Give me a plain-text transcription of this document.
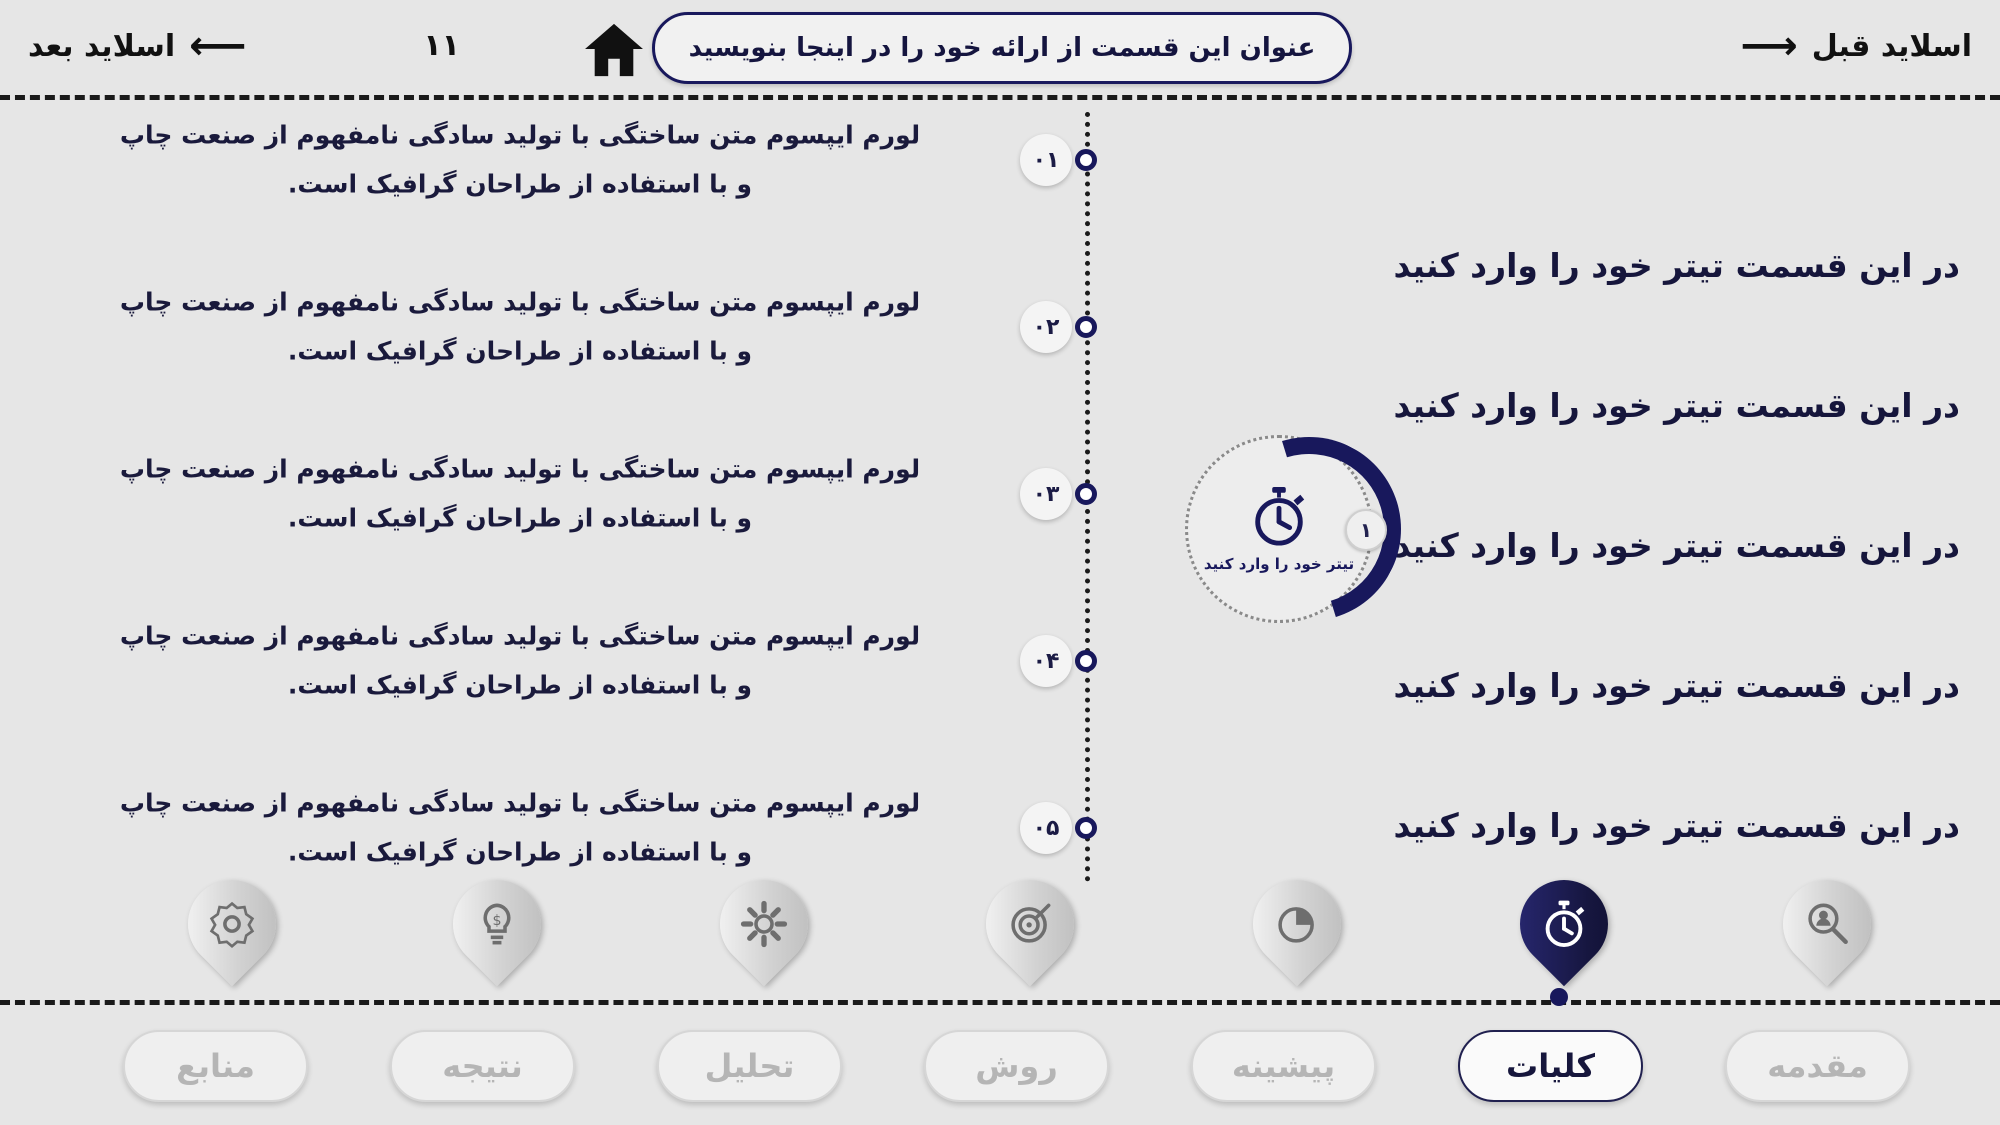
اسلاید قبل
⟶
۱۱	عنوان این قسمت از ارائه خود را در اینجا بنویسید
⟵
اسلاید بعد
در این قسمت تیتر خود را وارد کنید
در این قسمت تیتر خود را وارد کنید
در این قسمت تیتر خود را وارد کنید
در این قسمت تیتر خود را وارد کنید
در این قسمت تیتر خود را وارد کنید
تیتر خود را وارد کنید
۱
۰۱
لورم ایپسوم متن ساختگی با تولید سادگی نامفهوم از صنعت چاپ و با استفاده از طراحان گرافیک است.
۰۲
لورم ایپسوم متن ساختگی با تولید سادگی نامفهوم از صنعت چاپ و با استفاده از طراحان گرافیک است.
۰۳
لورم ایپسوم متن ساختگی با تولید سادگی نامفهوم از صنعت چاپ و با استفاده از طراحان گرافیک است.
۰۴
لورم ایپسوم متن ساختگی با تولید سادگی نامفهوم از صنعت چاپ و با استفاده از طراحان گرافیک است.
۰۵
لورم ایپسوم متن ساختگی با تولید سادگی نامفهوم از صنعت چاپ و با استفاده از طراحان گرافیک است.
$
مقدمه
کلیات
پیشینه
روش
تحلیل
نتیجه
منابع
